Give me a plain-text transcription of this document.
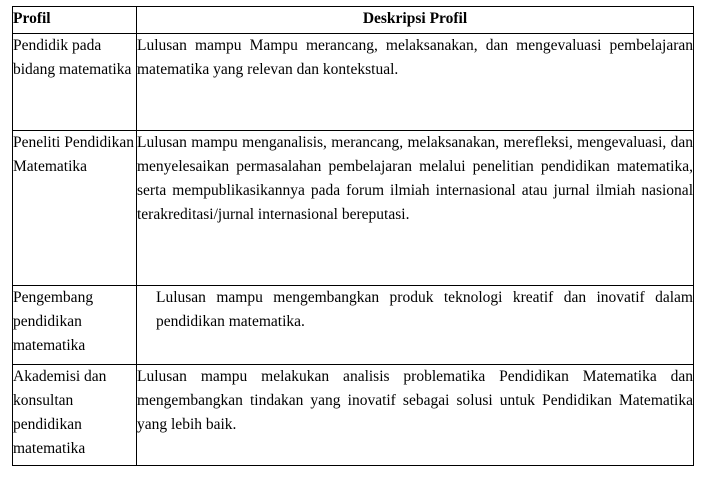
Profil	Deskripsi Profil
Pendidik pada bidang matematika	Lulusan mampu Mampu merancang, melaksanakan, dan mengevaluasi pembelajaran matematika yang relevan dan kontekstual.
Peneliti Pendidikan Matematika	Lulusan mampu menganalisis, merancang, melaksanakan, merefleksi, mengevaluasi, dan menyelesaikan permasalahan pembelajaran melalui penelitian pendidikan matematika, serta mempublikasikannya pada forum ilmiah internasional atau jurnal ilmiah nasional terakreditasi/jurnal internasional bereputasi.
Pengembang pendidikan matematika	Lulusan mampu mengembangkan produk teknologi kreatif dan inovatif dalam pendidikan matematika.
Akademisi dan konsultan pendidikan matematika	Lulusan mampu melakukan analisis problematika Pendidikan Matematika dan mengembangkan tindakan yang inovatif sebagai solusi untuk Pendidikan Matematika yang lebih baik.
